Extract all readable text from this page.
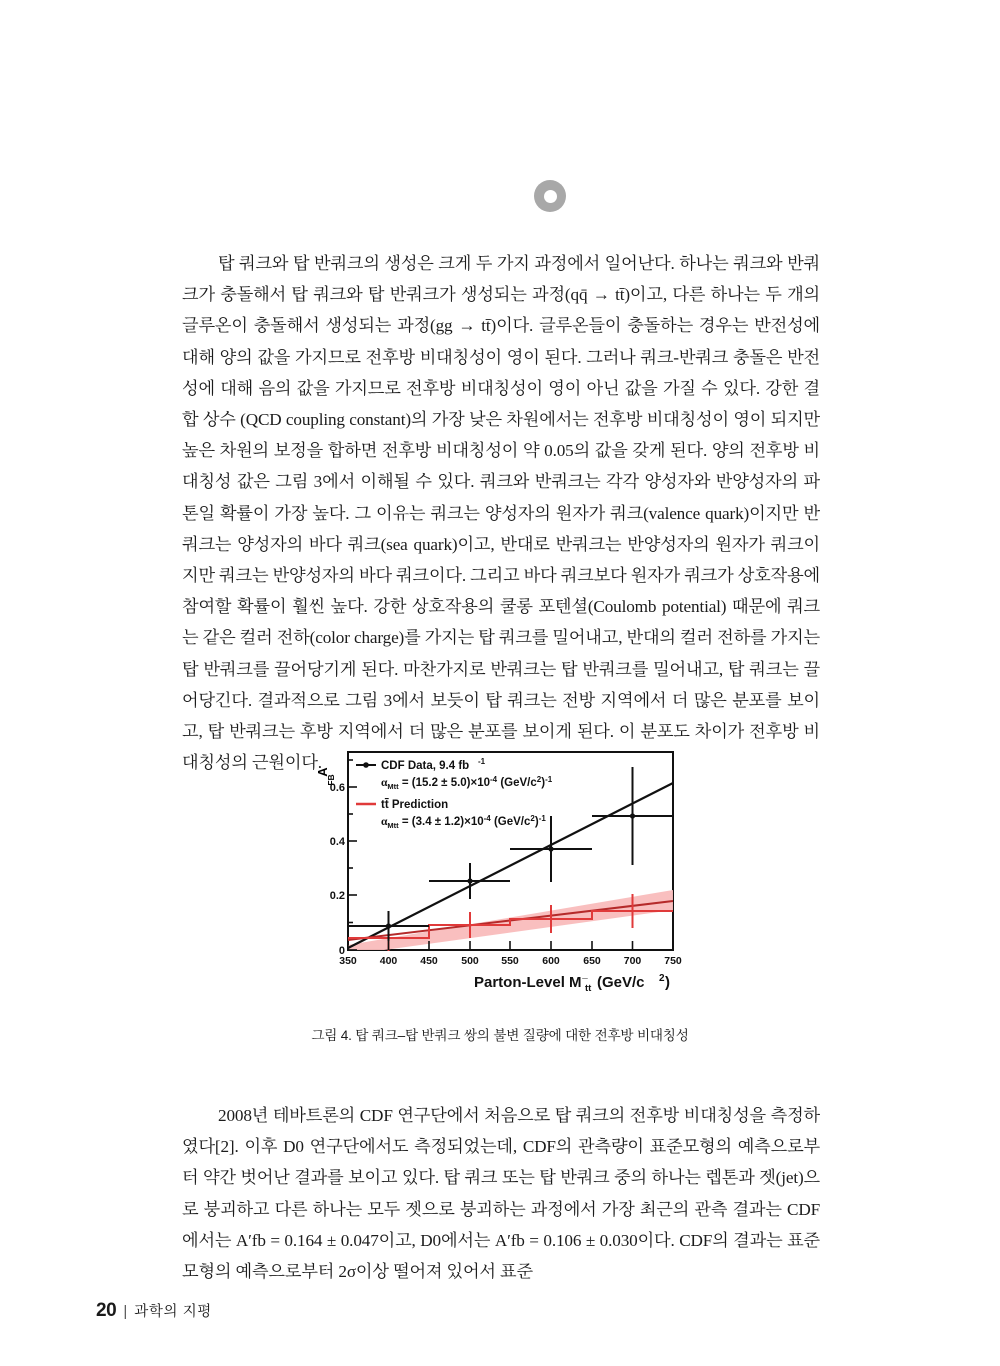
탑 쿼크와 탑 반쿼크의 생성은 크게 두 가지 과정에서 일어난다. 하나는 쿼크와 반쿼크가 충돌해서 탑 쿼크와 탑 반쿼크가 생성되는 과정(qq̄ → tt̄)이고, 다른 하나는 두 개의 글루온이 충돌해서 생성되는 과정(gg → tt̄)이다. 글루온들이 충돌하는 경우는 반전성에 대해 양의 값을 가지므로 전후방 비대칭성이 영이 된다. 그러나 쿼크-반쿼크 충돌은 반전성에 대해 음의 값을 가지므로 전후방 비대칭성이 영이 아닌 값을 가질 수 있다. 강한 결합 상수 (QCD coupling constant)의 가장 낮은 차원에서는 전후방 비대칭성이 영이 되지만 높은 차원의 보정을 합하면 전후방 비대칭성이 약 0.05의 값을 갖게 된다. 양의 전후방 비대칭성 값은 그림 3에서 이해될 수 있다. 쿼크와 반쿼크는 각각 양성자와 반양성자의 파톤일 확률이 가장 높다. 그 이유는 쿼크는 양성자의 원자가 쿼크(valence quark)이지만 반쿼크는 양성자의 바다 쿼크(sea quark)이고, 반대로 반쿼크는 반양성자의 원자가 쿼크이지만 쿼크는 반양성자의 바다 쿼크이다. 그리고 바다 쿼크보다 원자가 쿼크가 상호작용에 참여할 확률이 훨씬 높다. 강한 상호작용의 쿨롱 포텐셜(Coulomb potential) 때문에 쿼크는 같은 컬러 전하(color charge)를 가지는 탑 쿼크를 밀어내고, 반대의 컬러 전하를 가지는 탑 반쿼크를 끌어당기게 된다. 마찬가지로 반쿼크는 탑 반쿼크를 밀어내고, 탑 쿼크는 끌어당긴다. 결과적으로 그림 3에서 보듯이 탑 쿼크는 전방 지역에서 더 많은 분포를 보이고, 탑 반쿼크는 후방 지역에서 더 많은 분포를 보이게 된다. 이 분포도 차이가 전후방 비대칭성의 근원이다.

A
FB
0
0.2
0.4
0.6
350 400 450 500 550 600 650 700 750
Parton-Level M tt (GeV/c 2 )
CDF Data, 9.4 fb -1
$\alpha_{Mtt} = (15.2 \pm 5.0)\times 10^{-4}$ $(GeV/c^2)^{-1}$
tt Prediction
$\alpha_{Mtt} = (3.4 \pm 1.2)\times 10^{-4}$ $(GeV/c^2)^{-1}$
그림 4. 탑 쿼크–탑 반쿼크 쌍의 불변 질량에 대한 전후방 비대칭성

2008년 테바트론의 CDF 연구단에서 처음으로 탑 쿼크의 전후방 비대칭성을 측정하였다[2]. 이후 D0 연구단에서도 측정되었는데, CDF의 관측량이 표준모형의 예측으로부터 약간 벗어난 결과를 보이고 있다. 탑 쿼크 또는 탑 반쿼크 중의 하나는 렙톤과 젯(jet)으로 붕괴하고 다른 하나는 모두 젯으로 붕괴하는 과정에서 가장 최근의 관측 결과는 CDF에서는 A′fb = 0.164 ± 0.047이고, D0에서는 A′fb = 0.106 ± 0.030이다. CDF의 결과는 표준모형의 예측으로부터 2σ이상 떨어져 있어서 표준

20 | 과학의 지평
